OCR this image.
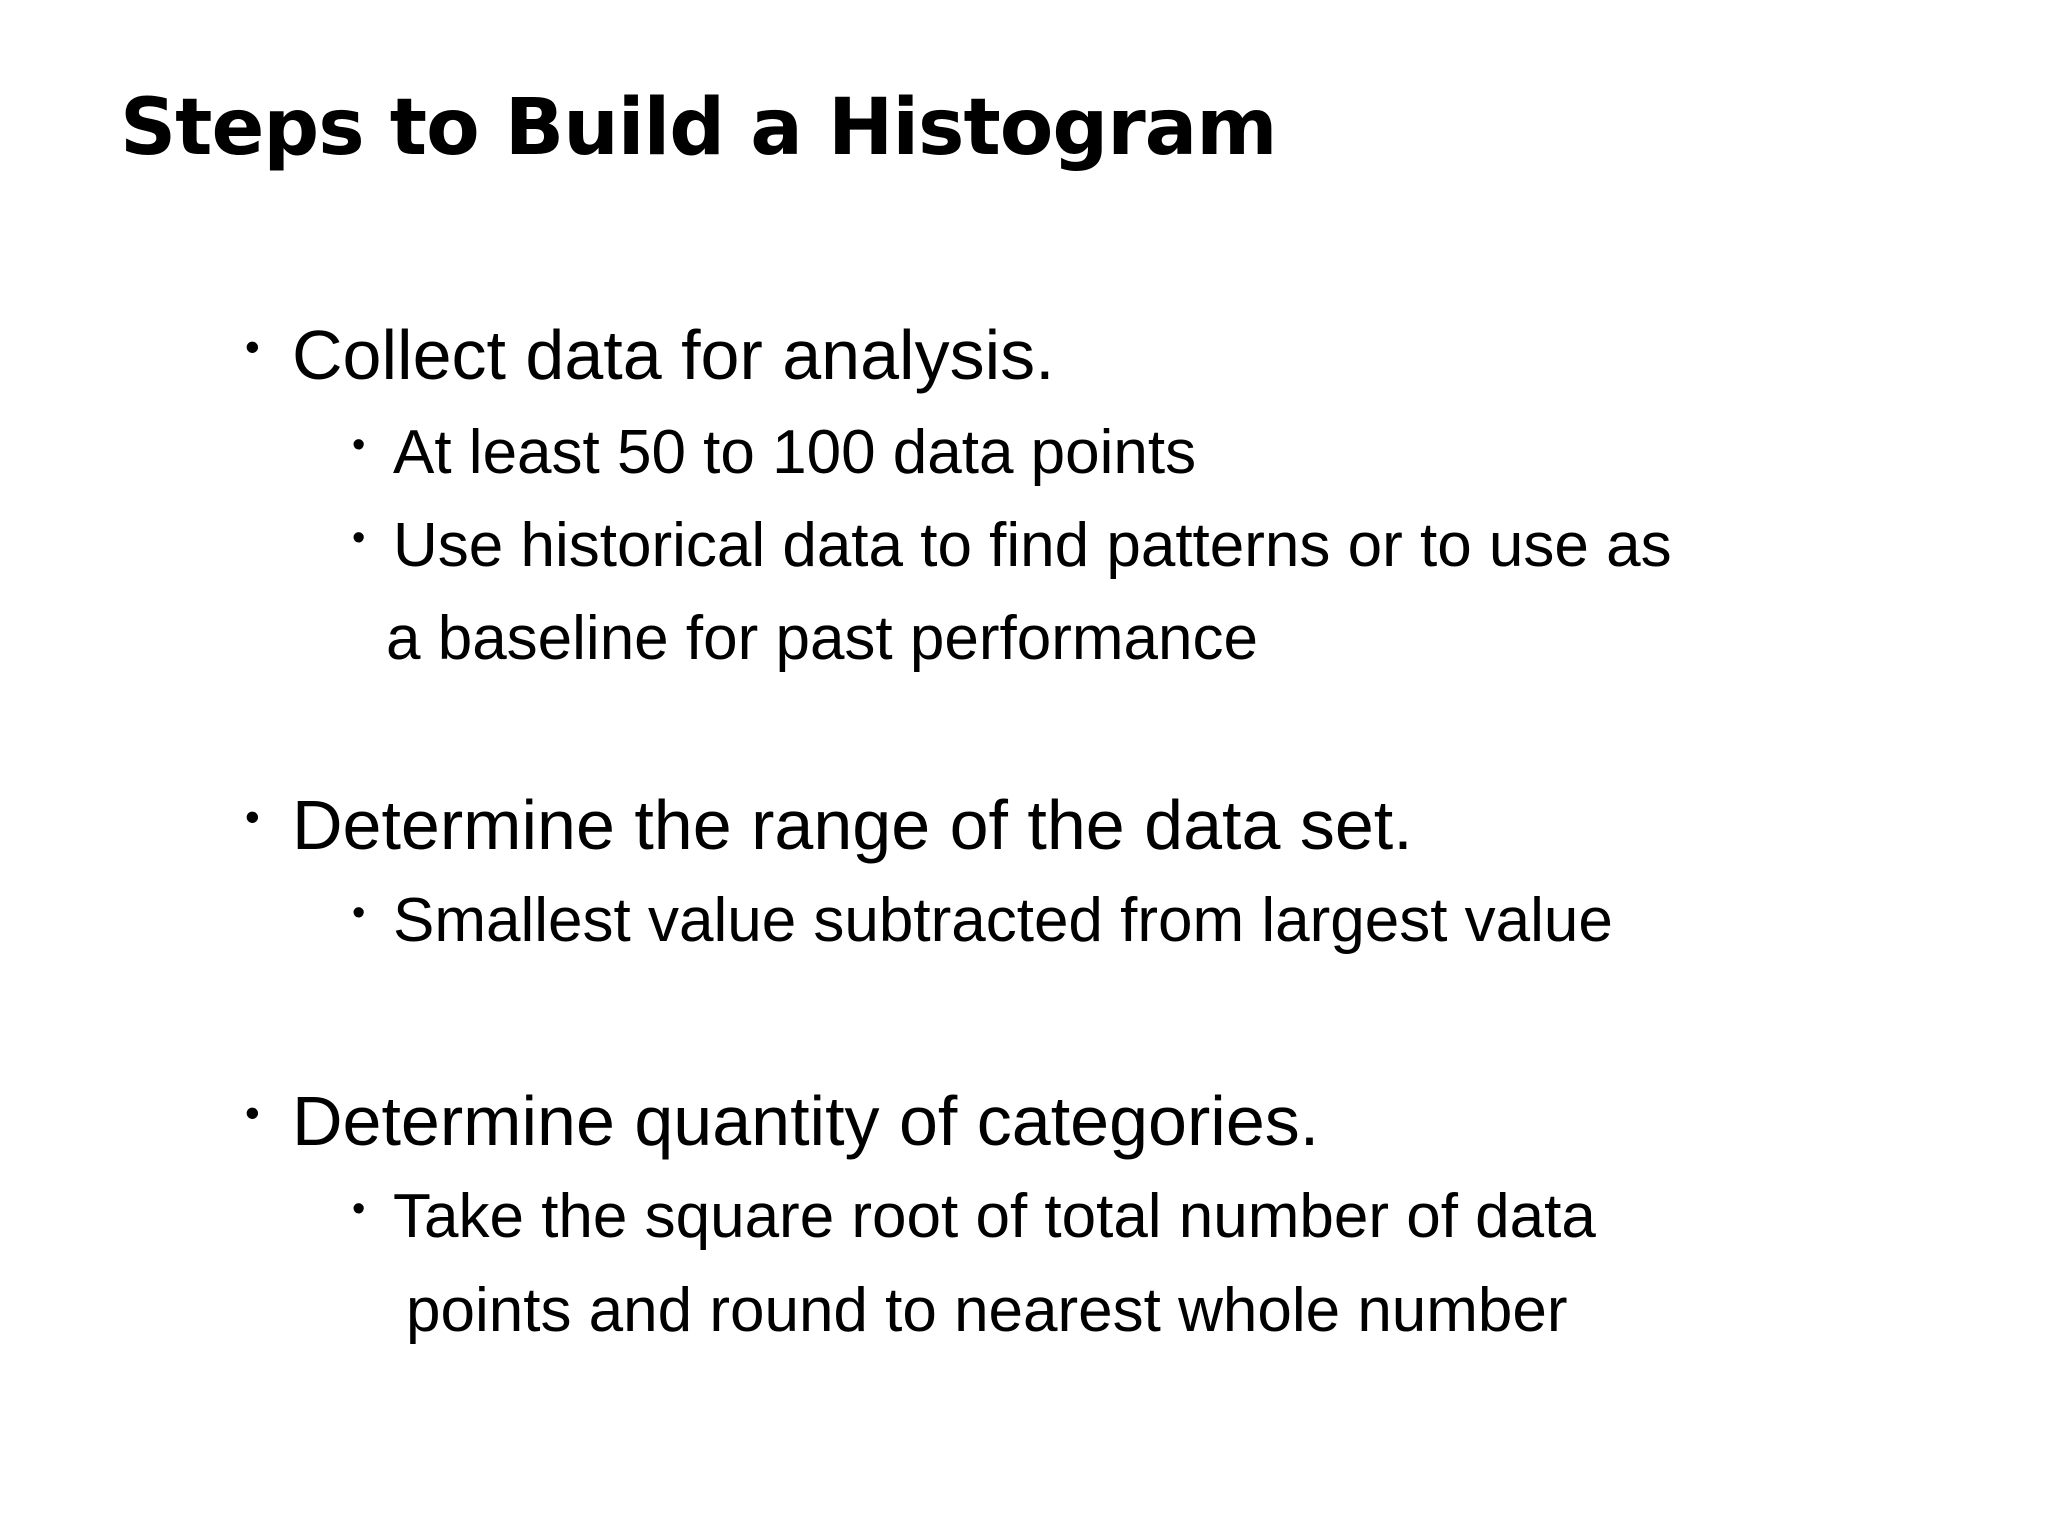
Steps to Build a Histogram
• Collect data for analysis.
• At least 50 to 100 data points
• Use historical data to find patterns or to use as
a baseline for past performance
• Determine the range of the data set.
• Smallest value subtracted from largest value
• Determine quantity of categories.
• Take the square root of total number of data
points and round to nearest whole number
